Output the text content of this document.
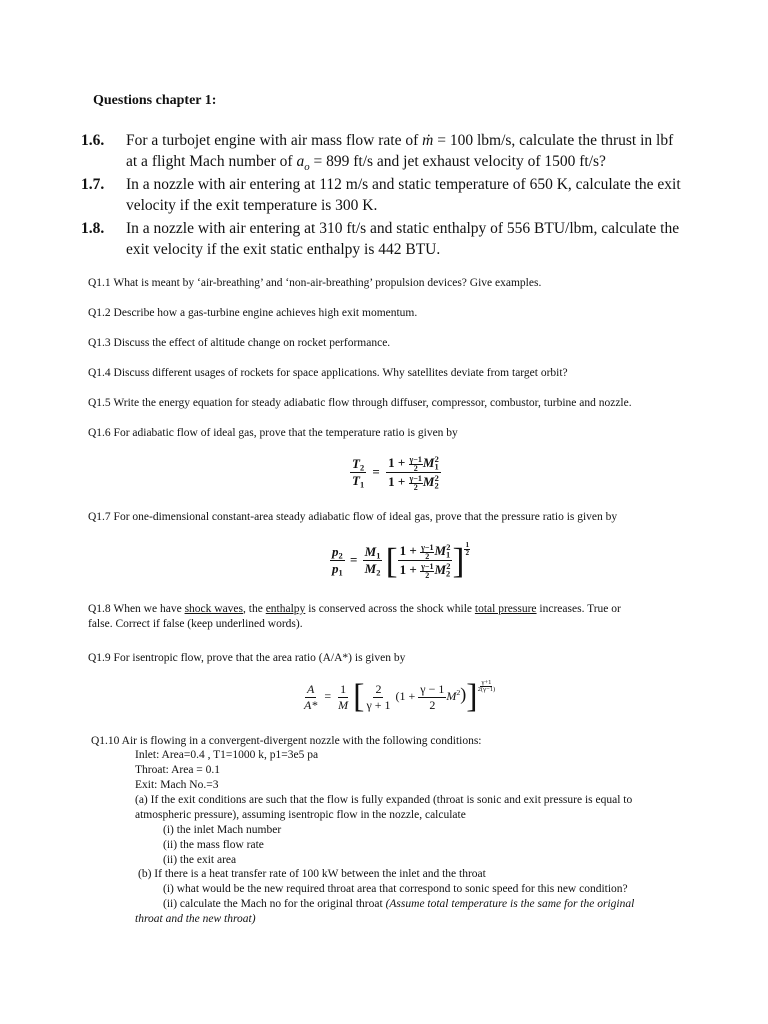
Questions chapter 1:
1.6. For a turbojet engine with air mass flow rate of ṁ = 100 lbm/s, calculate the thrust in lbf
at a flight Mach number of $a_o = 899$ ft/s and jet exhaust velocity of 1500 ft/s?
1.7. In a nozzle with air entering at 112 m/s and static temperature of 650 K, calculate the exit
velocity if the exit temperature is 300 K.
1.8. In a nozzle with air entering at 310 ft/s and static enthalpy of 556 BTU/lbm, calculate the
exit velocity if the exit static enthalpy is 442 BTU.
Q1.1 What is meant by ‘air-breathing’ and ‘non-air-breathing’ propulsion devices? Give examples.
Q1.2 Describe how a gas-turbine engine achieves high exit momentum.
Q1.3 Discuss the effect of altitude change on rocket performance.
Q1.4 Discuss different usages of rockets for space applications. Why satellites deviate from target orbit?
Q1.5 Write the energy equation for steady adiabatic flow through diffuser, compressor, combustor, turbine and nozzle.
Q1.6 For adiabatic flow of ideal gas, prove that the temperature ratio is given by
$\frac{T_2}{T_1} = \frac{1 + \frac{\gamma-1}{2} M_1^2}{1 + \frac{\gamma-1}{2} M_2^2}$
Q1.7 For one-dimensional constant-area steady adiabatic flow of ideal gas, prove that the pressure ratio is given by
$\frac{p_2}{p_1} = \frac{M_1}{M_2}$ [ $\frac{1 + \frac{\gamma-1}{2} M_1^2}{1 + \frac{\gamma-1}{2} M_2^2}$ ] $\frac{1}{2}$
Q1.8 When we have shock waves, the enthalpy is conserved across the shock while total pressure increases. True or
false. Correct if false (keep underlined words).
Q1.9 For isentropic flow, prove that the area ratio (A/A*) is given by
$\frac{A}{A*} = \frac{1}{M}$ [ $\frac{2}{\gamma + 1} (1 + \frac{\gamma - 1}{2} M^2)] \frac{\gamma+1}{2(\gamma-1)}$
Q1.10 Air is flowing in a convergent-divergent nozzle with the following conditions:
Inlet: Area=0.4 , T1=1000 k, p1=3e5 pa
Throat: Area = 0.1
Exit: Mach No.=3
(a) If the exit conditions are such that the flow is fully expanded (throat is sonic and exit pressure is equal to
atmospheric pressure), assuming isentropic flow in the nozzle, calculate
(i) the inlet Mach number
(ii) the mass flow rate
(ii) the exit area
(b) If there is a heat transfer rate of 100 kW between the inlet and the throat
(i) what would be the new required throat area that correspond to sonic speed for this new condition?
(ii) calculate the Mach no for the original throat (Assume total temperature is the same for the original
throat and the new throat)
